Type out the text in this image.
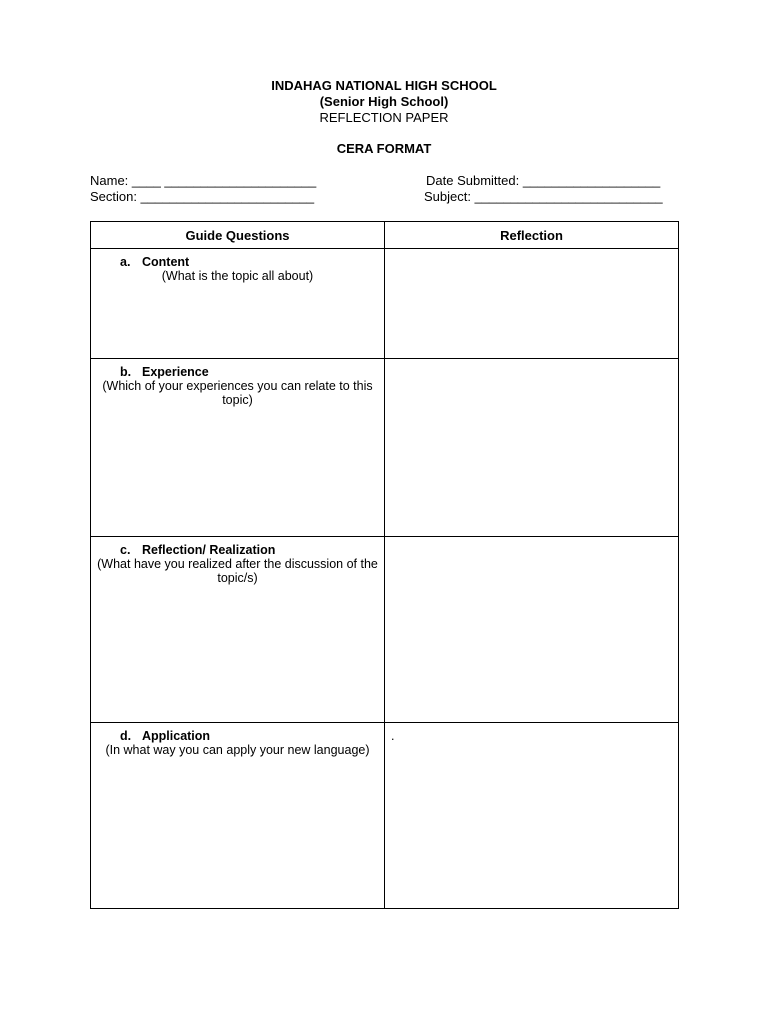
INDAHAG NATIONAL HIGH SCHOOL
(Senior High School)
REFLECTION PAPER
CERA FORMAT
Name: ____ _____________________
Section: ________________________
Date Submitted: ___________________
Subject: __________________________
Guide Questions	Reflection

a. Content
(What is the topic all about)	

b. Experience
(Which of your experiences you can relate to this topic)	

c. Reflection/ Realization
(What have you realized after the discussion of the topic/s)	

d. Application
(In what way you can apply your new language)	.
